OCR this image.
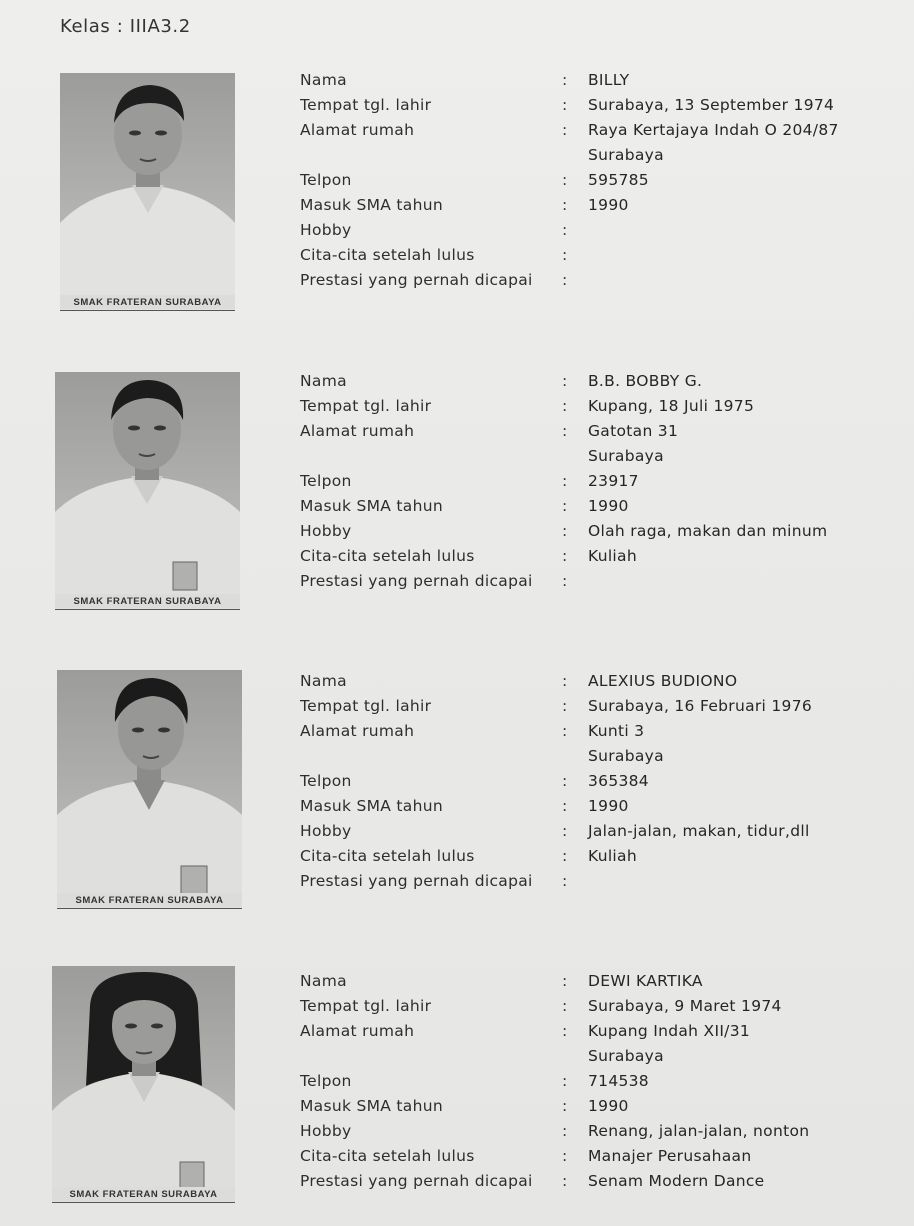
Kelas : IIIA3.2
SMAK FRATERAN SURABAYA
Nama	: BILLY
Tempat tgl. lahir	: Surabaya, 13 September 1974
Alamat rumah	: Raya Kertajaya Indah O 204/87
Surabaya
Telpon	: 595785
Masuk SMA tahun	: 1990
Hobby	:
Cita-cita setelah lulus	:
Prestasi yang pernah dicapai :
SMAK FRATERAN SURABAYA
Nama	: B.B. BOBBY G.
Tempat tgl. lahir	: Kupang, 18 Juli 1975
Alamat rumah	: Gatotan 31
Surabaya
Telpon	: 23917
Masuk SMA tahun	: 1990
Hobby	: Olah raga, makan dan minum
Cita-cita setelah lulus	: Kuliah
Prestasi yang pernah dicapai :
SMAK FRATERAN SURABAYA
Nama	: ALEXIUS BUDIONO
Tempat tgl. lahir	: Surabaya, 16 Februari 1976
Alamat rumah	: Kunti 3
Surabaya
Telpon	: 365384
Masuk SMA tahun	: 1990
Hobby	: Jalan-jalan, makan, tidur,dll
Cita-cita setelah lulus	: Kuliah
Prestasi yang pernah dicapai :
SMAK FRATERAN SURABAYA
Nama	: DEWI KARTIKA
Tempat tgl. lahir	: Surabaya, 9 Maret 1974
Alamat rumah	: Kupang Indah XII/31
Surabaya
Telpon	: 714538
Masuk SMA tahun	: 1990
Hobby	: Renang, jalan-jalan, nonton
Cita-cita setelah lulus	: Manajer Perusahaan
Prestasi yang pernah dicapai : Senam Modern Dance
